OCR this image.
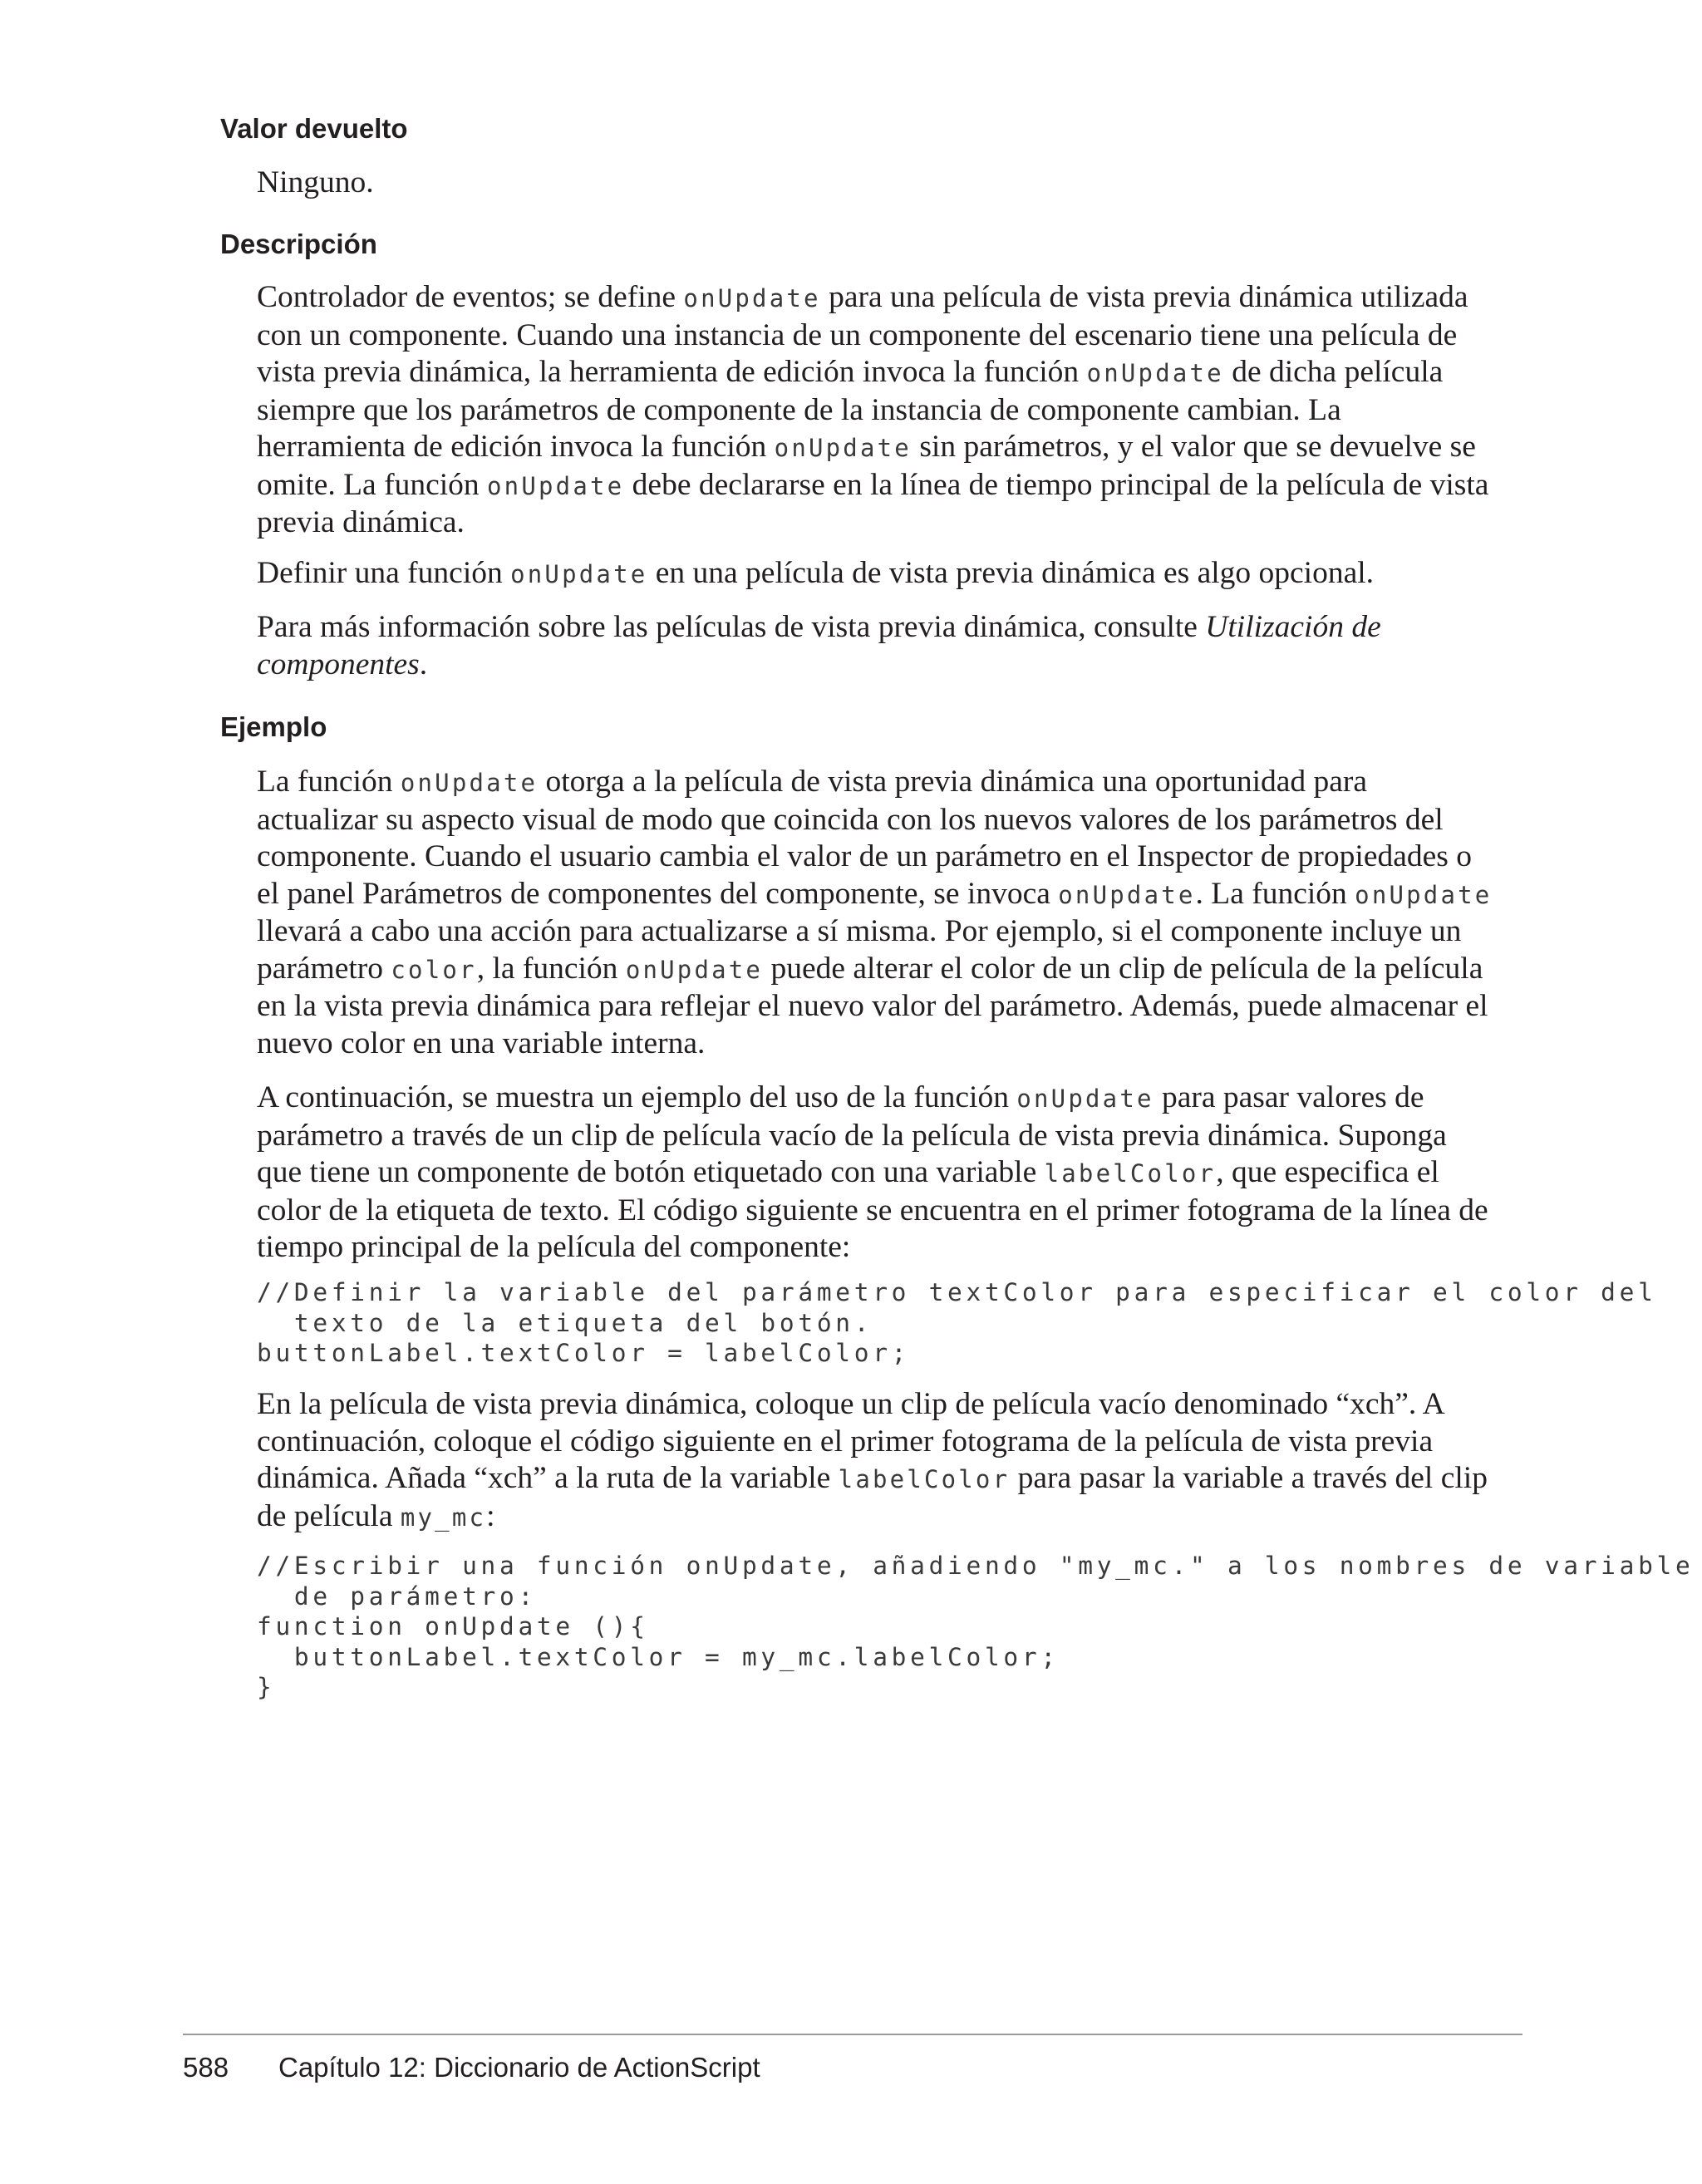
Valor devuelto

Ninguno.

Descripción

Controlador de eventos; se define onUpdate para una película de vista previa dinámica utilizada
con un componente. Cuando una instancia de un componente del escenario tiene una película de
vista previa dinámica, la herramienta de edición invoca la función onUpdate de dicha película
siempre que los parámetros de componente de la instancia de componente cambian. La
herramienta de edición invoca la función onUpdate sin parámetros, y el valor que se devuelve se
omite. La función onUpdate debe declararse en la línea de tiempo principal de la película de vista
previa dinámica.

Definir una función onUpdate en una película de vista previa dinámica es algo opcional.

Para más información sobre las películas de vista previa dinámica, consulte Utilización de
componentes.

Ejemplo

La función onUpdate otorga a la película de vista previa dinámica una oportunidad para
actualizar su aspecto visual de modo que coincida con los nuevos valores de los parámetros del
componente. Cuando el usuario cambia el valor de un parámetro en el Inspector de propiedades o
el panel Parámetros de componentes del componente, se invoca onUpdate. La función onUpdate
llevará a cabo una acción para actualizarse a sí misma. Por ejemplo, si el componente incluye un
parámetro color, la función onUpdate puede alterar el color de un clip de película de la película
en la vista previa dinámica para reflejar el nuevo valor del parámetro. Además, puede almacenar el
nuevo color en una variable interna.

A continuación, se muestra un ejemplo del uso de la función onUpdate para pasar valores de
parámetro a través de un clip de película vacío de la película de vista previa dinámica. Suponga
que tiene un componente de botón etiquetado con una variable labelColor, que especifica el
color de la etiqueta de texto. El código siguiente se encuentra en el primer fotograma de la línea de
tiempo principal de la película del componente:

//Definir la variable del parámetro textColor para especificar el color del
texto de la etiqueta del botón.
buttonLabel.textColor = labelColor;

En la película de vista previa dinámica, coloque un clip de película vacío denominado “xch”. A
continuación, coloque el código siguiente en el primer fotograma de la película de vista previa
dinámica. Añada “xch” a la ruta de la variable labelColor para pasar la variable a través del clip
de película my_mc:

//Escribir una función onUpdate, añadiendo "my_mc." a los nombres de variable
de parámetro:
function onUpdate (){
buttonLabel.textColor = my_mc.labelColor;
}
588 Capítulo 12: Diccionario de ActionScript
